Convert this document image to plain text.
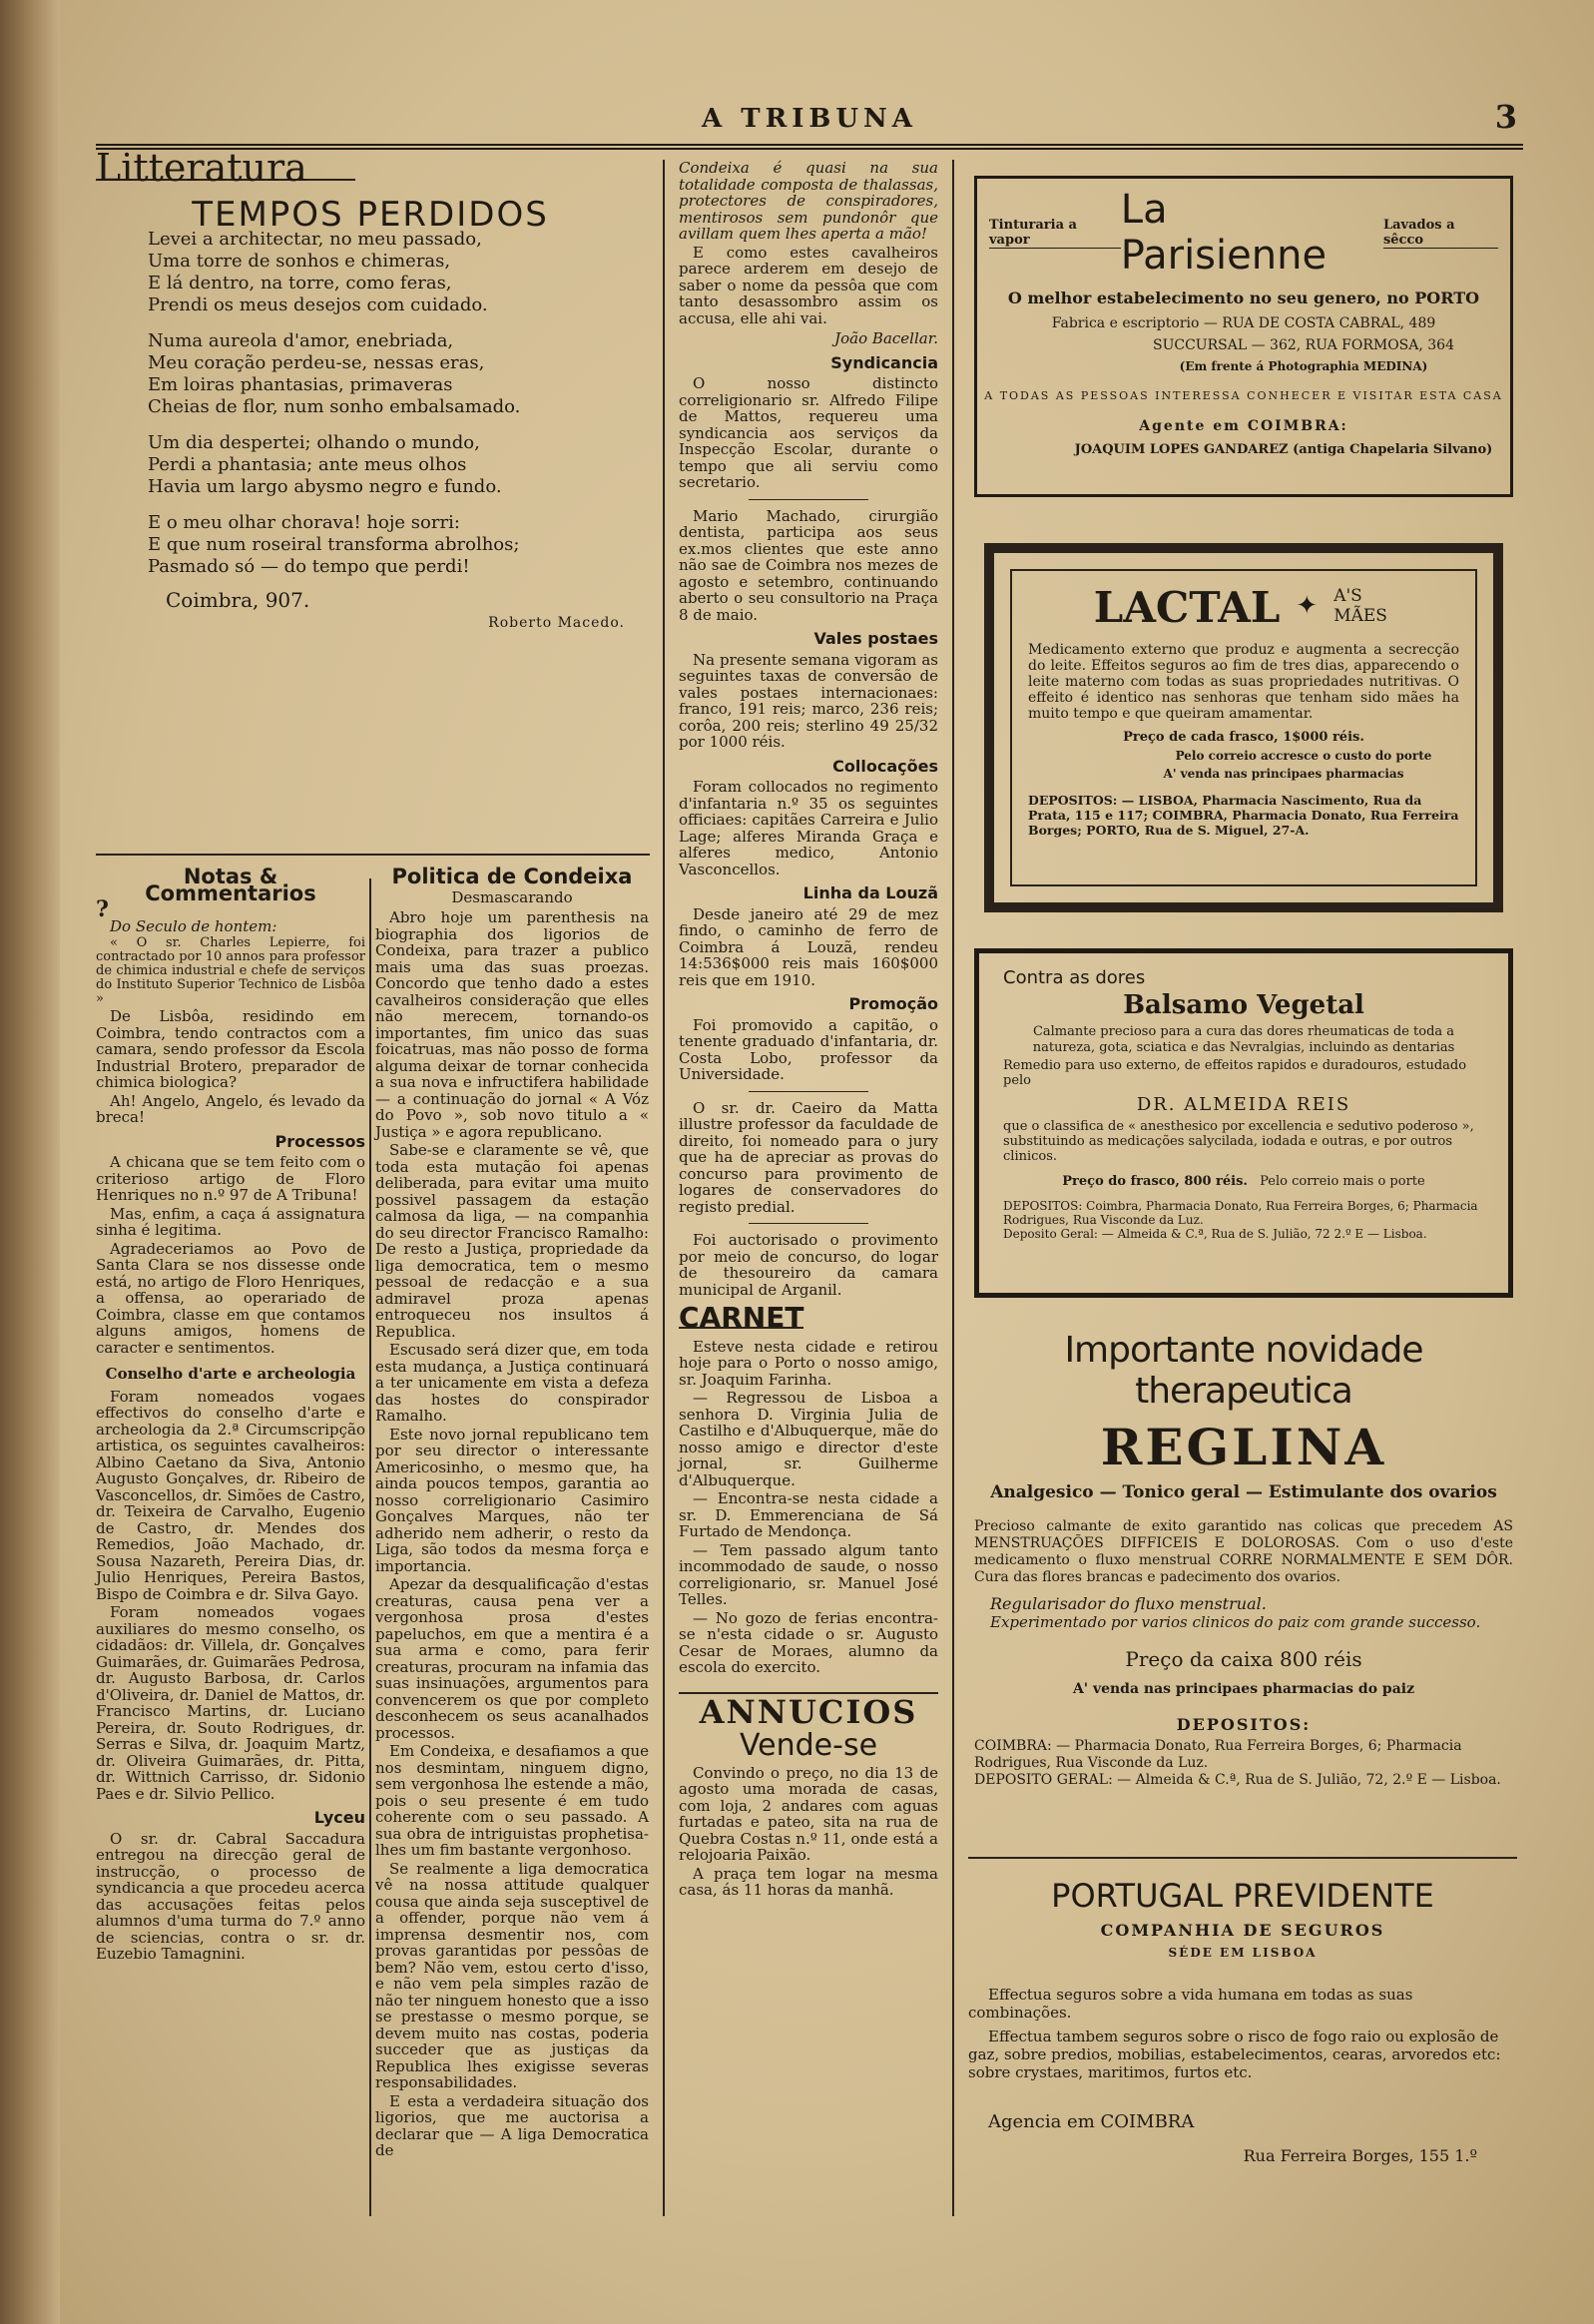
A TRIBUNA	3
Litteratura
TEMPOS PERDIDOS
Levei a architectar, no meu passado,
Uma torre de sonhos e chimeras,
E lá dentro, na torre, como feras,
Prendi os meus desejos com cuidado.
Numa aureola d'amor, enebriada,
Meu coração perdeu-se, nessas eras,
Em loiras phantasias, primaveras
Cheias de flor, num sonho embalsamado.
Um dia despertei; olhando o mundo,
Perdi a phantasia; ante meus olhos
Havia um largo abysmo negro e fundo.
E o meu olhar chorava! hoje sorri:
E que num roseiral transforma abrolhos;
Pasmado só — do tempo que perdi!
Coimbra, 907.
Roberto Macedo.
Notas & Commentarios
?

Do Seculo de hontem:

« O sr. Charles Lepierre, foi contractado por 10 annos para professor de chimica industrial e chefe de serviços do Instituto Superior Technico de Lisbôa »

De Lisbôa, residindo em Coimbra, tendo contractos com a camara, sendo professor da Escola Industrial Brotero, preparador de chimica biologica?

Ah! Angelo, Angelo, és levado da breca!

Processos

A chicana que se tem feito com o criterioso artigo de Floro Henriques no n.º 97 de A Tribuna!

Mas, enfim, a caça á assignatura sinha é legitima.

Agradeceriamos ao Povo de Santa Clara se nos dissesse onde está, no artigo de Floro Henriques, a offensa, ao operariado de Coimbra, classe em que contamos alguns amigos, homens de caracter e sentimentos.

Conselho d'arte e archeologia

Foram nomeados vogaes effectivos do conselho d'arte e archeologia da 2.ª Circumscripção artistica, os seguintes cavalheiros: Albino Caetano da Siva, Antonio Augusto Gonçalves, dr. Ribeiro de Vasconcellos, dr. Simões de Castro, dr. Teixeira de Carvalho, Eugenio de Castro, dr. Mendes dos Remedios, João Machado, dr. Sousa Nazareth, Pereira Dias, dr. Julio Henriques, Pereira Bastos, Bispo de Coimbra e dr. Silva Gayo.

Foram nomeados vogaes auxiliares do mesmo conselho, os cidadãos: dr. Villela, dr. Gonçalves Guimarães, dr. Guimarães Pedrosa, dr. Augusto Barbosa, dr. Carlos d'Oliveira, dr. Daniel de Mattos, dr. Francisco Martins, dr. Luciano Pereira, dr. Souto Rodrigues, dr. Serras e Silva, dr. Joaquim Martz, dr. Oliveira Guimarães, dr. Pitta, dr. Wittnich Carrisso, dr. Sidonio Paes e dr. Silvio Pellico.

Lyceu

O sr. dr. Cabral Saccadura entregou na direcção geral de instrucção, o processo de syndicancia a que procedeu acerca das accusações feitas pelos alumnos d'uma turma do 7.º anno de sciencias, contra o sr. dr. Euzebio Tamagnini.

Politica de Condeixa
Desmascarando

Abro hoje um parenthesis na biographia dos ligorios de Condeixa, para trazer a publico mais uma das suas proezas. Concordo que tenho dado a estes cavalheiros consideração que elles não merecem, tornando-os importantes, fim unico das suas foicatruas, mas não posso de forma alguma deixar de tornar conhecida a sua nova e infructifera habilidade — a continuação do jornal « A Vóz do Povo », sob novo titulo a « Justiça » e agora republicano.

Sabe-se e claramente se vê, que toda esta mutação foi apenas deliberada, para evitar uma muito possivel passagem da estação calmosa da liga, — na companhia do seu director Francisco Ramalho: De resto a Justiça, propriedade da liga democratica, tem o mesmo pessoal de redacção e a sua admiravel proza apenas entroqueceu nos insultos á Republica.

Escusado será dizer que, em toda esta mudança, a Justiça continuará a ter unicamente em vista a defeza das hostes do conspirador Ramalho.

Este novo jornal republicano tem por seu director o interessante Americosinho, o mesmo que, ha ainda poucos tempos, garantia ao nosso correligionario Casimiro Gonçalves Marques, não ter adherido nem adherir, o resto da Liga, são todos da mesma força e importancia.

Apezar da desqualificação d'estas creaturas, causa pena ver a vergonhosa prosa d'estes papeluchos, em que a mentira é a sua arma e como, para ferir creaturas, procuram na infamia das suas insinuações, argumentos para convencerem os que por completo desconhecem os seus acanalhados processos.

Em Condeixa, e desafiamos a que nos desmintam, ninguem digno, sem vergonhosa lhe estende a mão, pois o seu presente é em tudo coherente com o seu passado. A sua obra de intriguistas prophetisa-lhes um fim bastante vergonhoso.

Se realmente a liga democratica vê na nossa attitude qualquer cousa que ainda seja susceptivel de a offender, porque não vem á imprensa desmentir nos, com provas garantidas por pessôas de bem? Não vem, estou certo d'isso, e não vem pela simples razão de não ter ninguem honesto que a isso se prestasse o mesmo porque, se devem muito nas costas, poderia succeder que as justiças da Republica lhes exigisse severas responsabilidades.

E esta a verdadeira situação dos ligorios, que me auctorisa a declarar que — A liga Democratica de

Condeixa é quasi na sua totalidade composta de thalassas, protectores de conspiradores, mentirosos sem pundonôr que avillam quem lhes aperta a mão!

E como estes cavalheiros parece arderem em desejo de saber o nome da pessôa que com tanto desassombro assim os accusa, elle ahi vai.

João Bacellar.
Syndicancia

O nosso distincto correligionario sr. Alfredo Filipe de Mattos, requereu uma syndicancia aos serviços da Inspecção Escolar, durante o tempo que ali serviu como secretario.

Mario Machado, cirurgião dentista, participa aos seus ex.mos clientes que este anno não sae de Coimbra nos mezes de agosto e setembro, continuando aberto o seu consultorio na Praça 8 de maio.

Vales postaes

Na presente semana vigoram as seguintes taxas de conversão de vales postaes internacionaes: franco, 191 reis; marco, 236 reis; corôa, 200 reis; sterlino 49 25/32 por 1000 réis.

Collocações

Foram collocados no regimento d'infantaria n.º 35 os seguintes officiaes: capitães Carreira e Julio Lage; alferes Miranda Graça e alferes medico, Antonio Vasconcellos.

Linha da Louzã

Desde janeiro até 29 de mez findo, o caminho de ferro de Coimbra á Louzã, rendeu 14:536$000 reis mais 160$000 reis que em 1910.

Promoção

Foi promovido a capitão, o tenente graduado d'infantaria, dr. Costa Lobo, professor da Universidade.

O sr. dr. Caeiro da Matta illustre professor da faculdade de direito, foi nomeado para o jury que ha de apreciar as provas do concurso para provimento de logares de conservadores do registo predial.

Foi auctorisado o provimento por meio de concurso, do logar de thesoureiro da camara municipal de Arganil.

CARNET

Esteve nesta cidade e retirou hoje para o Porto o nosso amigo, sr. Joaquim Farinha.

— Regressou de Lisboa a senhora D. Virginia Julia de Castilho e d'Albuquerque, mãe do nosso amigo e director d'este jornal, sr. Guilherme d'Albuquerque.

— Encontra-se nesta cidade a sr. D. Emmerenciana de Sá Furtado de Mendonça.

— Tem passado algum tanto incommodado de saude, o nosso correligionario, sr. Manuel José Telles.

— No gozo de ferias encontra-se n'esta cidade o sr. Augusto Cesar de Moraes, alumno da escola do exercito.

ANNUCIOS
Vende-se

Convindo o preço, no dia 13 de agosto uma morada de casas, com loja, 2 andares com aguas furtadas e pateo, sita na rua de Quebra Costas n.º 11, onde está a relojoaria Paixão.

A praça tem logar na mesma casa, ás 11 horas da manhã.

Tinturaria a vapor
La Parisienne
Lavados a sêcco
O melhor estabelecimento no seu genero, no PORTO
Fabrica e escriptorio — RUA DE COSTA CABRAL, 489
SUCCURSAL — 362, RUA FORMOSA, 364
(Em frente á Photographia MEDINA)
A TODAS AS PESSOAS INTERESSA CONHECER E VISITAR ESTA CASA
Agente em COIMBRA:
JOAQUIM LOPES GANDAREZ (antiga Chapelaria Silvano)
LACTAL ✦ A'S MÃES
Medicamento externo que produz e augmenta a secrecção do leite. Effeitos seguros ao fim de tres dias, apparecendo o leite materno com todas as suas propriedades nutritivas. O effeito é identico nas senhoras que tenham sido mães ha muito tempo e que queiram amamentar.
Preço de cada frasco, 1$000 réis.
Pelo correio accresce o custo do porte
A' venda nas principaes pharmacias
DEPOSITOS: — LISBOA, Pharmacia Nascimento, Rua da Prata, 115 e 117; COIMBRA, Pharmacia Donato, Rua Ferreira Borges; PORTO, Rua de S. Miguel, 27-A.
Contra as dores
Balsamo Vegetal
Calmante precioso para a cura das dores rheumaticas de toda a natureza, gota, sciatica e das Nevralgias, incluindo as dentarias
Remedio para uso externo, de effeitos rapidos e duradouros, estudado pelo
DR. ALMEIDA REIS
que o classifica de « anesthesico por excellencia e sedutivo poderoso », substituindo as medicações salycilada, iodada e outras, e por outros clinicos.
Preço do frasco, 800 réis. Pelo correio mais o porte
DEPOSITOS: Coimbra, Pharmacia Donato, Rua Ferreira Borges, 6; Pharmacia Rodrigues, Rua Visconde da Luz.
Deposito Geral: — Almeida & C.ª, Rua de S. Julião, 72 2.º E — Lisboa.
Importante novidade therapeutica
REGLINA
Analgesico — Tonico geral — Estimulante dos ovarios
Precioso calmante de exito garantido nas colicas que precedem AS MENSTRUAÇÕES DIFFICEIS E DOLOROSAS. Com o uso d'este medicamento o fluxo menstrual CORRE NORMALMENTE E SEM DÔR. Cura das flores brancas e padecimento dos ovarios.
Regularisador do fluxo menstrual.
Experimentado por varios clinicos do paiz com grande successo.
Preço da caixa 800 réis
A' venda nas principaes pharmacias do paiz
DEPOSITOS:
COIMBRA: — Pharmacia Donato, Rua Ferreira Borges, 6; Pharmacia Rodrigues, Rua Visconde da Luz.
DEPOSITO GERAL: — Almeida & C.ª, Rua de S. Julião, 72, 2.º E — Lisboa.
PORTUGAL PREVIDENTE
COMPANHIA DE SEGUROS
SÉDE EM LISBOA
Effectua seguros sobre a vida humana em todas as suas combinações.
Effectua tambem seguros sobre o risco de fogo raio ou explosão de gaz, sobre predios, mobilias, estabelecimentos, cearas, arvoredos etc: sobre crystaes, maritimos, furtos etc.
Agencia em COIMBRA
Rua Ferreira Borges, 155 1.º
